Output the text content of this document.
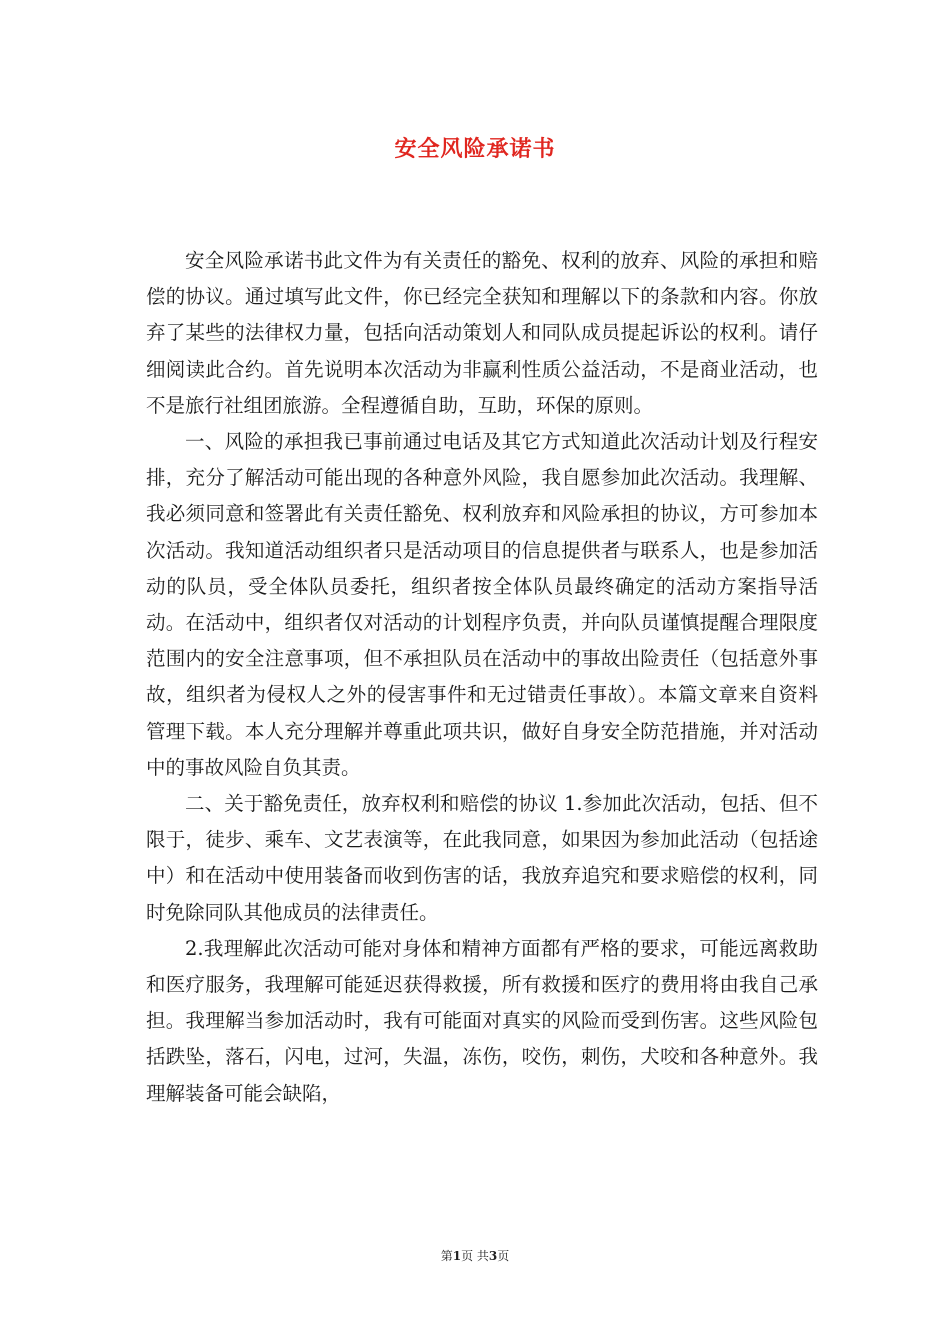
安全风险承诺书

安全风险承诺书此文件为有关责任的豁免、权利的放弃、风险的承担和赔偿的协议。通过填写此文件，你已经完全获知和理解以下的条款和内容。你放弃了某些的法律权力量，包括向活动策划人和同队成员提起诉讼的权利。请仔细阅读此合约。首先说明本次活动为非赢利性质公益活动，不是商业活动，也不是旅行社组团旅游。全程遵循自助，互助，环保的原则。

一、风险的承担我已事前通过电话及其它方式知道此次活动计划及行程安排，充分了解活动可能出现的各种意外风险，我自愿参加此次活动。我理解、我必须同意和签署此有关责任豁免、权利放弃和风险承担的协议，方可参加本次活动。我知道活动组织者只是活动项目的信息提供者与联系人，也是参加活动的队员，受全体队员委托，组织者按全体队员最终确定的活动方案指导活动。在活动中，组织者仅对活动的计划程序负责，并向队员谨慎提醒合理限度范围内的安全注意事项，但不承担队员在活动中的事故出险责任（包括意外事故，组织者为侵权人之外的侵害事件和无过错责任事故）。本篇文章来自资料管理下载。本人充分理解并尊重此项共识，做好自身安全防范措施，并对活动中的事故风险自负其责。

二、关于豁免责任，放弃权利和赔偿的协议 1.参加此次活动，包括、但不限于，徒步、乘车、文艺表演等，在此我同意，如果因为参加此活动（包括途中）和在活动中使用装备而收到伤害的话，我放弃追究和要求赔偿的权利，同时免除同队其他成员的法律责任。

2.我理解此次活动可能对身体和精神方面都有严格的要求，可能远离救助和医疗服务，我理解可能延迟获得救援，所有救援和医疗的费用将由我自己承担。我理解当参加活动时，我有可能面对真实的风险而受到伤害。这些风险包括跌坠，落石，闪电，过河，失温，冻伤，咬伤，刺伤，犬咬和各种意外。我理解装备可能会缺陷，

第1页 共3页
